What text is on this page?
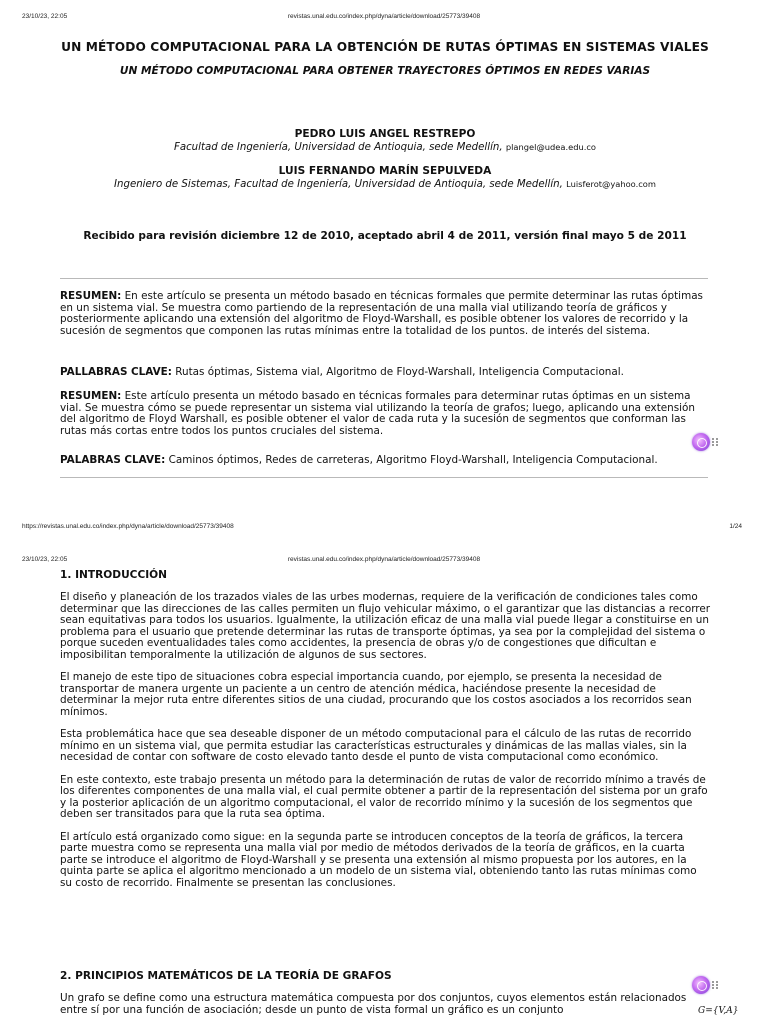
23/10/23, 22:05	revistas.unal.edu.co/index.php/dyna/article/download/25773/39408

UN MÉTODO COMPUTACIONAL PARA LA OBTENCIÓN DE RUTAS ÓPTIMAS EN SISTEMAS VIALES

UN MÉTODO COMPUTACIONAL PARA OBTENER TRAYECTORES ÓPTIMOS EN REDES VARIAS

PEDRO LUIS ANGEL RESTREPO

Facultad de Ingeniería, Universidad de Antioquia, sede Medellín, plangel@udea.edu.co

LUIS FERNANDO MARÍN SEPULVEDA

Ingeniero de Sistemas, Facultad de Ingeniería, Universidad de Antioquia, sede Medellín, Luisferot@yahoo.com

Recibido para revisión diciembre 12 de 2010, aceptado abril 4 de 2011, versión final mayo 5 de 2011

RESUMEN: En este artículo se presenta un método basado en técnicas formales que permite determinar las rutas óptimas en un sistema vial. Se muestra como partiendo de la representación de una malla vial utilizando teoría de gráficos y posteriormente aplicando una extensión del algoritmo de Floyd-Warshall, es posible obtener los valores de recorrido y la sucesión de segmentos que componen las rutas mínimas entre la totalidad de los puntos. de interés del sistema.

PALLABRAS CLAVE: Rutas óptimas, Sistema vial, Algoritmo de Floyd-Warshall, Inteligencia Computacional.

RESUMEN: Este artículo presenta un método basado en técnicas formales para determinar rutas óptimas en un sistema vial. Se muestra cómo se puede representar un sistema vial utilizando la teoría de grafos; luego, aplicando una extensión del algoritmo de Floyd Warshall, es posible obtener el valor de cada ruta y la sucesión de segmentos que conforman las rutas más cortas entre todos los puntos cruciales del sistema.

PALABRAS CLAVE: Caminos óptimos, Redes de carreteras, Algoritmo Floyd-Warshall, Inteligencia Computacional.

https://revistas.unal.edu.co/index.php/dyna/article/download/25773/39408	1/24
23/10/23, 22:05	revistas.unal.edu.co/index.php/dyna/article/download/25773/39408
1. INTRODUCCIÓN

El diseño y planeación de los trazados viales de las urbes modernas, requiere de la verificación de condiciones tales como determinar que las direcciones de las calles permiten un flujo vehicular máximo, o el garantizar que las distancias a recorrer sean equitativas para todos los usuarios. Igualmente, la utilización eficaz de una malla vial puede llegar a constituirse en un problema para el usuario que pretende determinar las rutas de transporte óptimas, ya sea por la complejidad del sistema o porque suceden eventualidades tales como accidentes, la presencia de obras y/o de congestiones que dificultan e imposibilitan temporalmente la utilización de algunos de sus sectores.

El manejo de este tipo de situaciones cobra especial importancia cuando, por ejemplo, se presenta la necesidad de transportar de manera urgente un paciente a un centro de atención médica, haciéndose presente la necesidad de determinar la mejor ruta entre diferentes sitios de una ciudad, procurando que los costos asociados a los recorridos sean mínimos.

Esta problemática hace que sea deseable disponer de un método computacional para el cálculo de las rutas de recorrido mínimo en un sistema vial, que permita estudiar las características estructurales y dinámicas de las mallas viales, sin la necesidad de contar con software de costo elevado tanto desde el punto de vista computacional como económico.

En este contexto, este trabajo presenta un método para la determinación de rutas de valor de recorrido mínimo a través de los diferentes componentes de una malla vial, el cual permite obtener a partir de la representación del sistema por un grafo y la posterior aplicación de un algoritmo computacional, el valor de recorrido mínimo y la sucesión de los segmentos que deben ser transitados para que la ruta sea óptima.

El artículo está organizado como sigue: en la segunda parte se introducen conceptos de la teoría de gráficos, la tercera parte muestra como se representa una malla vial por medio de métodos derivados de la teoría de gráficos, en la cuarta parte se introduce el algoritmo de Floyd-Warshall y se presenta una extensión al mismo propuesta por los autores, en la quinta parte se aplica el algoritmo mencionado a un modelo de un sistema vial, obteniendo tanto las rutas mínimas como su costo de recorrido. Finalmente se presentan las conclusiones.

2. PRINCIPIOS MATEMÁTICOS DE LA TEORÍA DE GRAFOS

Un grafo se define como una estructura matemática compuesta por dos conjuntos, cuyos elementos están relacionados entre sí por una función de asociación; desde un punto de vista formal un gráfico es un conjunto	G={V,A}
